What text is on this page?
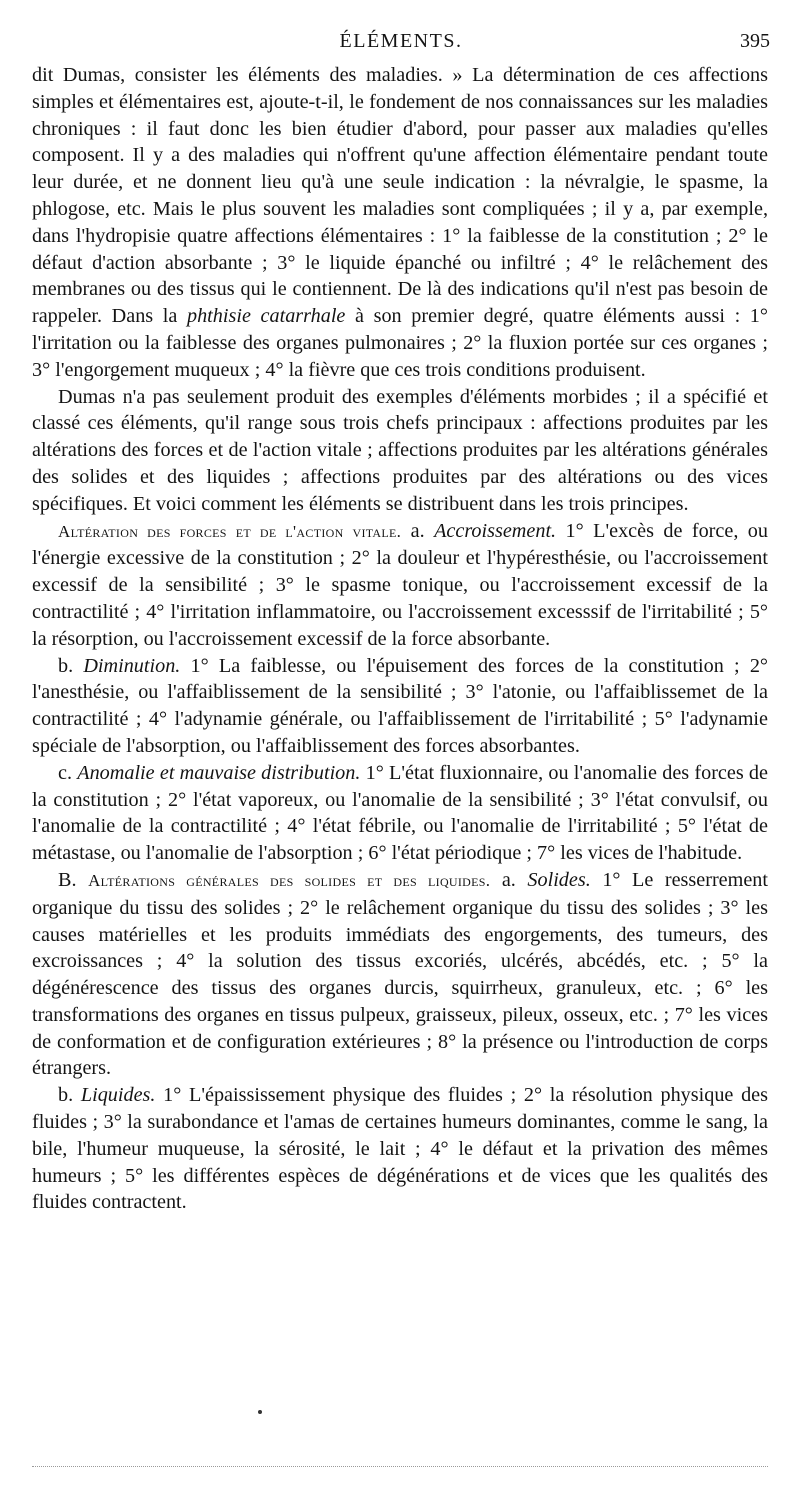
ÉLÉMENTS.	395

dit Dumas, consister les éléments des maladies. » La détermination de ces affections simples et élémentaires est, ajoute-t-il, le fondement de nos connaissances sur les maladies chroniques : il faut donc les bien étudier d'abord, pour passer aux maladies qu'elles composent. Il y a des maladies qui n'offrent qu'une affection élémentaire pendant toute leur durée, et ne donnent lieu qu'à une seule indication : la névralgie, le spasme, la phlogose, etc. Mais le plus souvent les maladies sont compliquées ; il y a, par exemple, dans l'hydropisie quatre affections élémentaires : 1° la faiblesse de la constitution ; 2° le défaut d'action absorbante ; 3° le liquide épanché ou infiltré ; 4° le relâchement des membranes ou des tissus qui le contiennent. De là des indications qu'il n'est pas besoin de rappeler. Dans la phthisie catarrhale à son premier degré, quatre éléments aussi : 1° l'irritation ou la faiblesse des organes pulmonaires ; 2° la fluxion portée sur ces organes ; 3° l'engorgement muqueux ; 4° la fièvre que ces trois conditions produisent.

Dumas n'a pas seulement produit des exemples d'éléments morbides ; il a spécifié et classé ces éléments, qu'il range sous trois chefs principaux : affections produites par les altérations des forces et de l'action vitale ; affections produites par les altérations générales des solides et des liquides ; affections produites par des altérations ou des vices spécifiques. Et voici comment les éléments se distribuent dans les trois principes.

Altération des forces et de l'action vitale. a. Accroissement. 1° L'excès de force, ou l'énergie excessive de la constitution ; 2° la douleur et l'hypéresthésie, ou l'accroissement excessif de la sensibilité ; 3° le spasme tonique, ou l'accroissement excessif de la contractilité ; 4° l'irritation inflammatoire, ou l'accroissement excesssif de l'irritabilité ; 5° la résorption, ou l'accroissement excessif de la force absorbante.

b. Diminution. 1° La faiblesse, ou l'épuisement des forces de la constitution ; 2° l'anesthésie, ou l'affaiblissement de la sensibilité ; 3° l'atonie, ou l'affaiblissemet de la contractilité ; 4° l'adynamie générale, ou l'affaiblissement de l'irritabilité ; 5° l'adynamie spéciale de l'absorption, ou l'affaiblissement des forces absorbantes.

c. Anomalie et mauvaise distribution. 1° L'état fluxionnaire, ou l'anomalie des forces de la constitution ; 2° l'état vaporeux, ou l'anomalie de la sensibilité ; 3° l'état convulsif, ou l'anomalie de la contractilité ; 4° l'état fébrile, ou l'anomalie de l'irritabilité ; 5° l'état de métastase, ou l'anomalie de l'absorption ; 6° l'état périodique ; 7° les vices de l'habitude.

B. Altérations générales des solides et des liquides. a. Solides. 1° Le resserrement organique du tissu des solides ; 2° le relâchement organique du tissu des solides ; 3° les causes matérielles et les produits immédiats des engorgements, des tumeurs, des excroissances ; 4° la solution des tissus excoriés, ulcérés, abcédés, etc. ; 5° la dégénérescence des tissus des organes durcis, squirrheux, granuleux, etc. ; 6° les transformations des organes en tissus pulpeux, graisseux, pileux, osseux, etc. ; 7° les vices de conformation et de configuration extérieures ; 8° la présence ou l'introduction de corps étrangers.

b. Liquides. 1° L'épaississement physique des fluides ; 2° la résolution physique des fluides ; 3° la surabondance et l'amas de certaines humeurs dominantes, comme le sang, la bile, l'humeur muqueuse, la sérosité, le lait ; 4° le défaut et la privation des mêmes humeurs ; 5° les différentes espèces de dégénérations et de vices que les qualités des fluides contractent.
